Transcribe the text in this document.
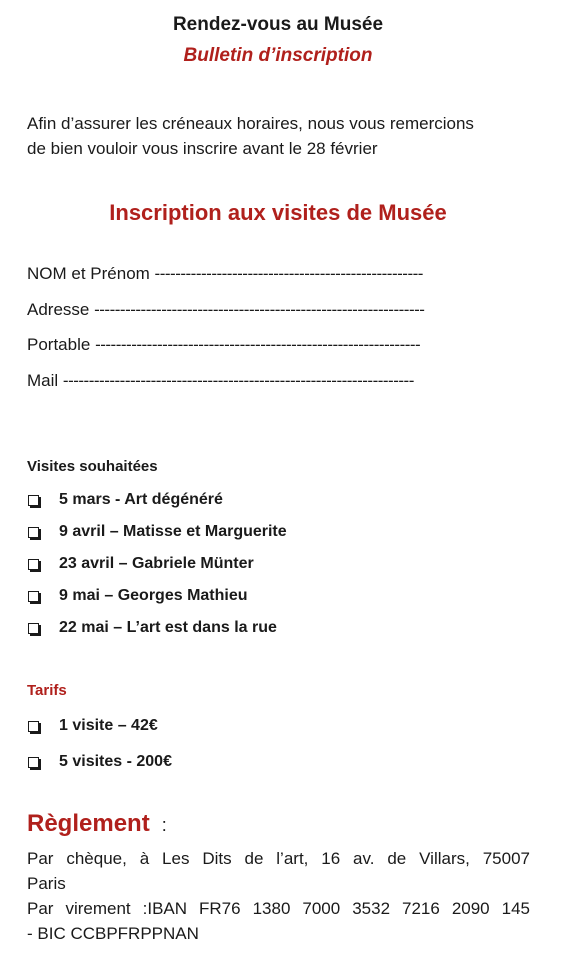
Rendez-vous au Musée
Bulletin d’inscription
Afin d’assurer les créneaux horaires, nous vous remercions
de bien vouloir vous inscrire avant le 28 février
Inscription aux visites de Musée
NOM et Prénom ----------------------------------------------------
Adresse ----------------------------------------------------------------
Portable ---------------------------------------------------------------
Mail --------------------------------------------------------------------
Visites souhaitées
5 mars - Art dégénéré
9 avril – Matisse et Marguerite
23 avril – Gabriele Münter
9 mai – Georges Mathieu
22 mai – L’art est dans la rue
Tarifs
1 visite – 42€
5 visites - 200€
Règlement :
Par chèque, à Les Dits de l’art, 16 av. de Villars, 75007
Paris
Par virement :IBAN FR76 1380 7000 3532 7216 2090 145
- BIC CCBPFRPPNAN
